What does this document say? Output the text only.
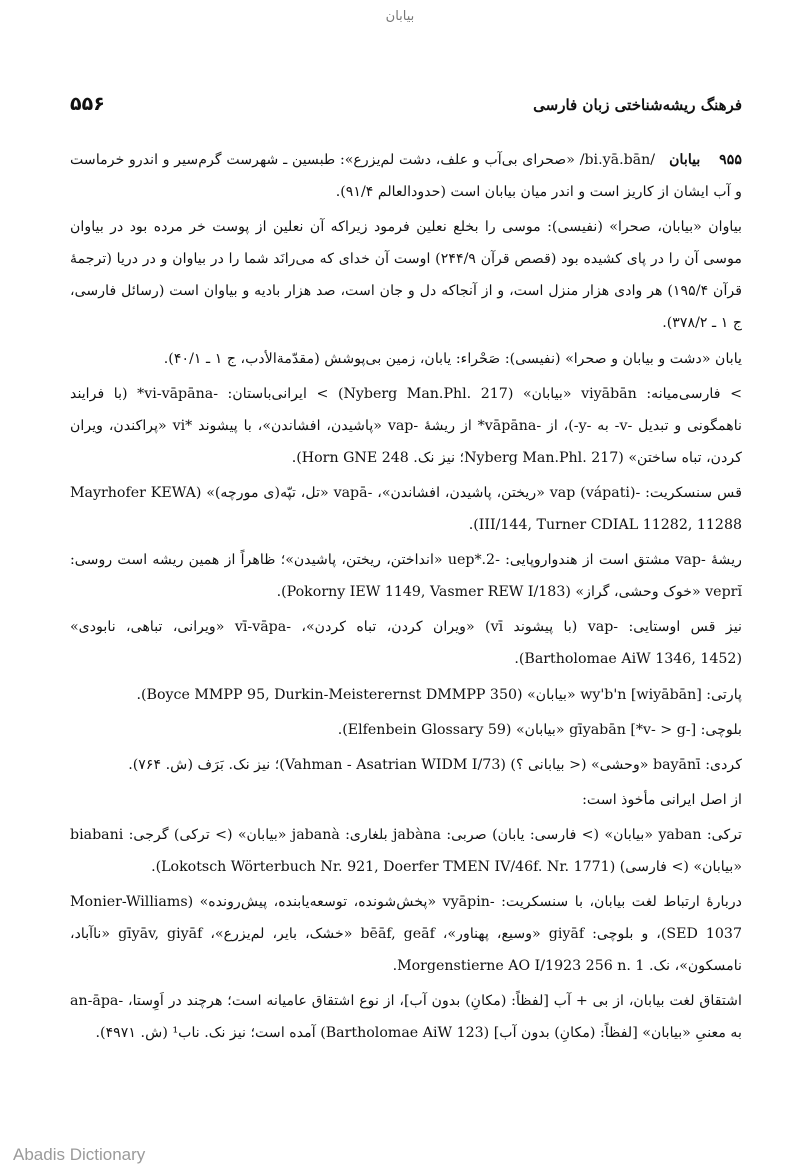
بیابان
فرهنگ ریشه‌شناختی زبان فارسی
۵۵۶

۹۵۵    بیابان   /bi.yā.bān/ «صحرای بی‌آب و علف، دشت لم‌یزرع»: طبسین ـ شهرست گرم‌سیر و اندرو خرماست و آب ایشان از کاریز است و اندر میان بیابان است (حدودالعالم ۹۱/۴).

بیاوان «بیابان، صحرا» (نفیسی): موسی را بخلع نعلین فرمود زیراکه آن نعلین از پوست خر مرده بود در بیاوان موسی آن را در پای کشیده بود (قصص قرآن ۲۴۴/۹) اوست آن خدای که می‌رانَد شما را در بیاوان و در دریا (ترجمهٔ قرآن ۱۹۵/۴) هر وادی هزار منزل است، و از آنجاکه دل و جان است، صد هزار بادیه و بیاوان است (رسائل فارسی، ج ۱ ـ ۳۷۸/۲).

یابان «دشت و بیابان و صحرا» (نفیسی): صَحْراء: یابان، زمین بی‌پوشش (مقدّمةالأدب، ج ۱ ـ ۴۰/۱).

> فارسی‌میانه: viyābān «بیابان» (Nyberg Man.Phl. 217) > ایرانی‌باستان: -vi-vāpāna* (با فرایند ناهمگونی و تبدیل -v- به -y-)، از -vāpāna* از ریشهٔ -vap «پاشیدن، افشاندن»، با پیشوند *vi «پراکندن، ویران کردن، تباه ساختن» (Nyberg Man.Phl. 217؛ نیز نک. Horn GNE 248).

قس سنسکریت: -vap (vápati) «ریختن، پاشیدن، افشاندن»، -vapā «تل، تپّه(ی مورچه)» (Mayrhofer KEWA III/144, Turner CDIAL 11282, 11288).

ریشهٔ -vap مشتق است از هندواروپایی: -uep*.2 «انداختن، ریختن، پاشیدن»؛ ظاهراً از همین ریشه است روسی: veprĭ «خوک وحشی، گراز» (Pokorny IEW 1149, Vasmer REW I/183).

نیز قس اوستایی: -vap (با پیشوند vī) «ویران کردن، تباه کردن»، -vī-vāpa «ویرانی، تباهی، نابودی» (Bartholomae AiW 1346, 1452).

پارتی: [wiyābān] wy'b'n «بیابان» (Boyce MMPP 95, Durkin-Meisterernst DMMPP 350).

بلوچی: gīyabān [*v- > g-] «بیابان» (Elfenbein Glossary 59).

کردی: bayānī «وحشی» (< بیابانی ؟) (Vahman - Asatrian WIDM I/73)؛ نیز نک. بَرَف (ش. ۷۶۴).

از اصل ایرانی مأخوذ است:

ترکی: yaban «بیابان» (> فارسی: یابان) صربی: jabàna بلغاری: jabanà «بیابان» (> ترکی) گرجی: biabani «بیابان» (> فارسی) (Lokotsch Wörterbuch Nr. 921, Doerfer TMEN IV/46f. Nr. 1771).

دربارهٔ ارتباط لغت بیابان، با سنسکریت: -vyāpin «پخش‌شونده، توسعه‌یابنده، پیش‌رونده» (Monier-Williams SED 1037)، و بلوچی: giyāf «وسیع، پهناور»، bēāf, geāf «خشک، بایر، لم‌یزرع»، gīyāv, giyāf «ناآباد، نامسکون»، نک. Morgenstierne AO I/1923 256 n. 1.

اشتقاق لغت بیابان، از بی + آب [لفظاً: (مکانِ) بدون آب]، از نوع اشتقاق عامیانه است؛ هرچند در اَوِستا، -an-āpa به معنیِ «بیابان» [لفظاً: (مکانِ) بدون آب] (Bartholomae AiW 123) آمده است؛ نیز نک. ناب¹ (ش. ۴۹۷۱).

Abadis Dictionary
